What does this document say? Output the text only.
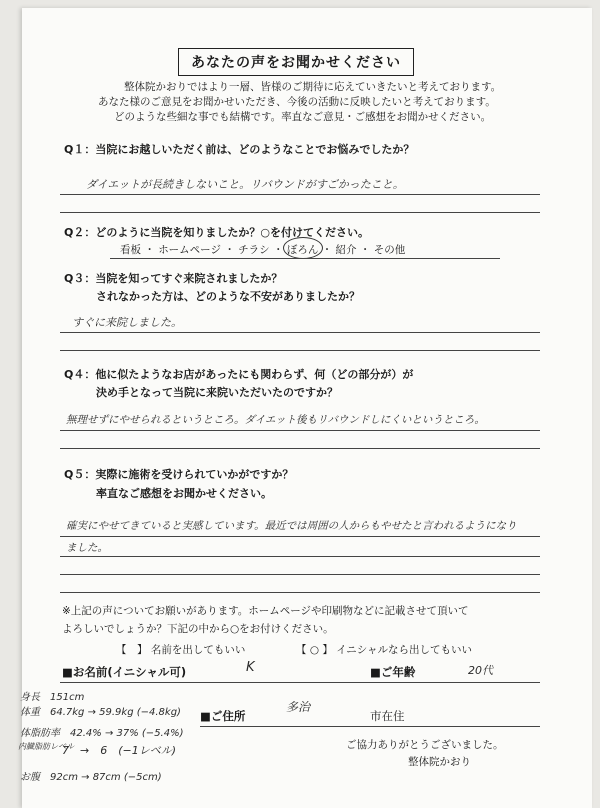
あなたの声をお聞かせください
整体院かおりではより一層、皆様のご期待に応えていきたいと考えております。
あなた様のご意見をお聞かせいただき、今後の活動に反映したいと考えております。
どのような些細な事でも結構です。率直なご意見・ご感想をお聞かせください。
Q１：当院にお越しいただく前は、どのようなことでお悩みでしたか？
ダイエットが長続きしないこと。リバウンドがすごかったこと。
Q２：どのように当院を知りましたか？○を付けてください。
看板 ・ ホームページ ・ チラシ ・ ぼろん ・ 紹介 ・ その他
Q３：当院を知ってすぐ来院されましたか？
されなかった方は、どのような不安がありましたか？
すぐに来院しました。
Q４：他に似たようなお店があったにも関わらず、何（どの部分が）が
決め手となって当院に来院いただいたのですか？
無理せずにやせられるというところ。ダイエット後もリバウンドしにくいというところ。
Q５：実際に施術を受けられていかがですか？
率直なご感想をお聞かせください。
確実にやせてきていると実感しています。最近では周囲の人からもやせたと言われるようになり
ました。
※上記の声についてお願いがあります。ホームページや印刷物などに記載させて頂いて
よろしいでしょうか？下記の中から○をお付けください。
【　】 名前を出してもいい	【 ○ 】 イニシャルなら出してもいい
■お名前(イニシャル可)	K	■ご年齢	20代
身長　151cm
体重　64.7kg → 59.9kg (−4.8kg)
体脂肪率　42.4% → 37% (−5.4%)
内臓脂肪レベル
7　→　6　(−1レベル)
お腹　92cm → 87cm (−5cm)
■ご住所
多治
市在住
ご協力ありがとうございました。
整体院かおり
